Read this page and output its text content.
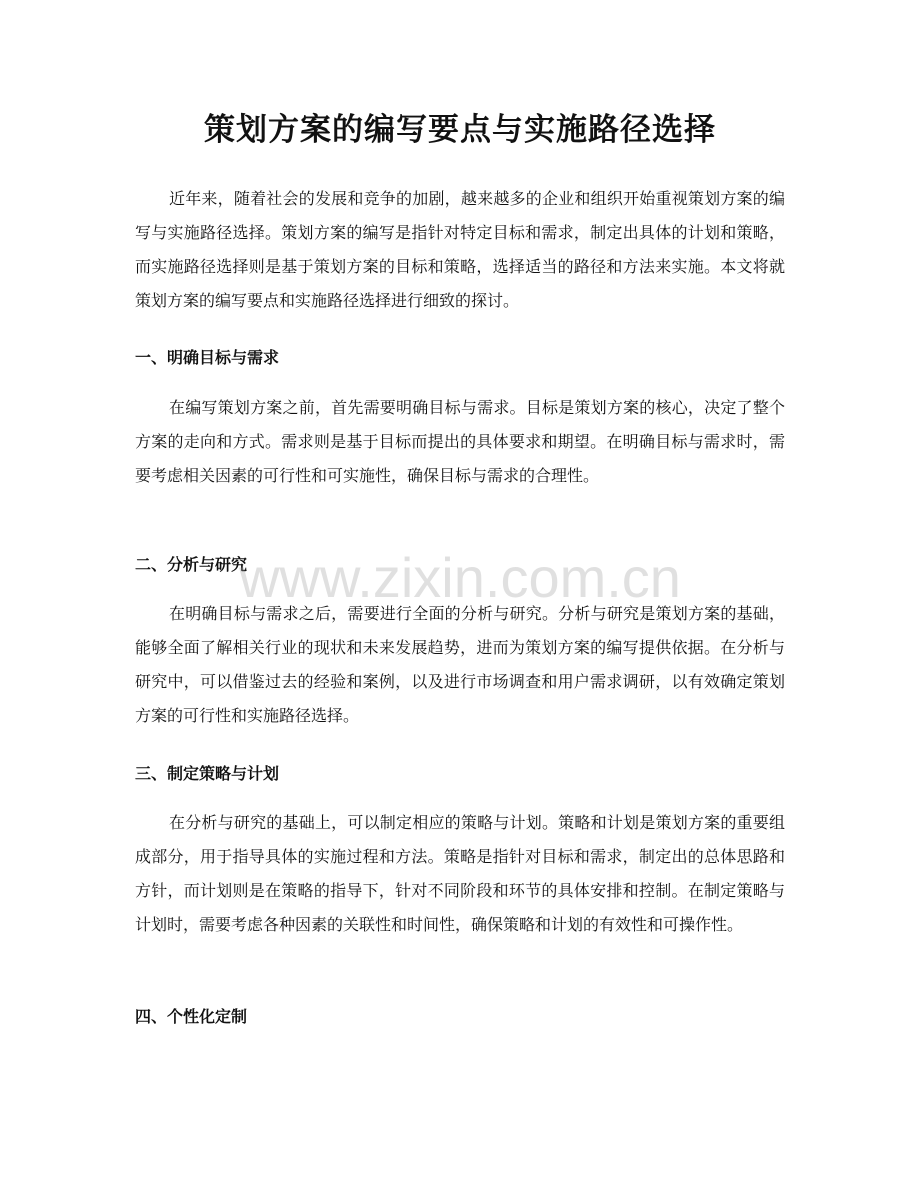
策划方案的编写要点与实施路径选择

近年来，随着社会的发展和竞争的加剧，越来越多的企业和组织开始重视策划方案的编写与实施路径选择。策划方案的编写是指针对特定目标和需求，制定出具体的计划和策略，而实施路径选择则是基于策划方案的目标和策略，选择适当的路径和方法来实施。本文将就策划方案的编写要点和实施路径选择进行细致的探讨。

一、明确目标与需求

在编写策划方案之前，首先需要明确目标与需求。目标是策划方案的核心，决定了整个方案的走向和方式。需求则是基于目标而提出的具体要求和期望。在明确目标与需求时，需要考虑相关因素的可行性和可实施性，确保目标与需求的合理性。

二、分析与研究

在明确目标与需求之后，需要进行全面的分析与研究。分析与研究是策划方案的基础，能够全面了解相关行业的现状和未来发展趋势，进而为策划方案的编写提供依据。在分析与研究中，可以借鉴过去的经验和案例，以及进行市场调查和用户需求调研，以有效确定策划方案的可行性和实施路径选择。

三、制定策略与计划

在分析与研究的基础上，可以制定相应的策略与计划。策略和计划是策划方案的重要组成部分，用于指导具体的实施过程和方法。策略是指针对目标和需求，制定出的总体思路和方针，而计划则是在策略的指导下，针对不同阶段和环节的具体安排和控制。在制定策略与计划时，需要考虑各种因素的关联性和时间性，确保策略和计划的有效性和可操作性。

四、个性化定制
www.zixin.com.cn
